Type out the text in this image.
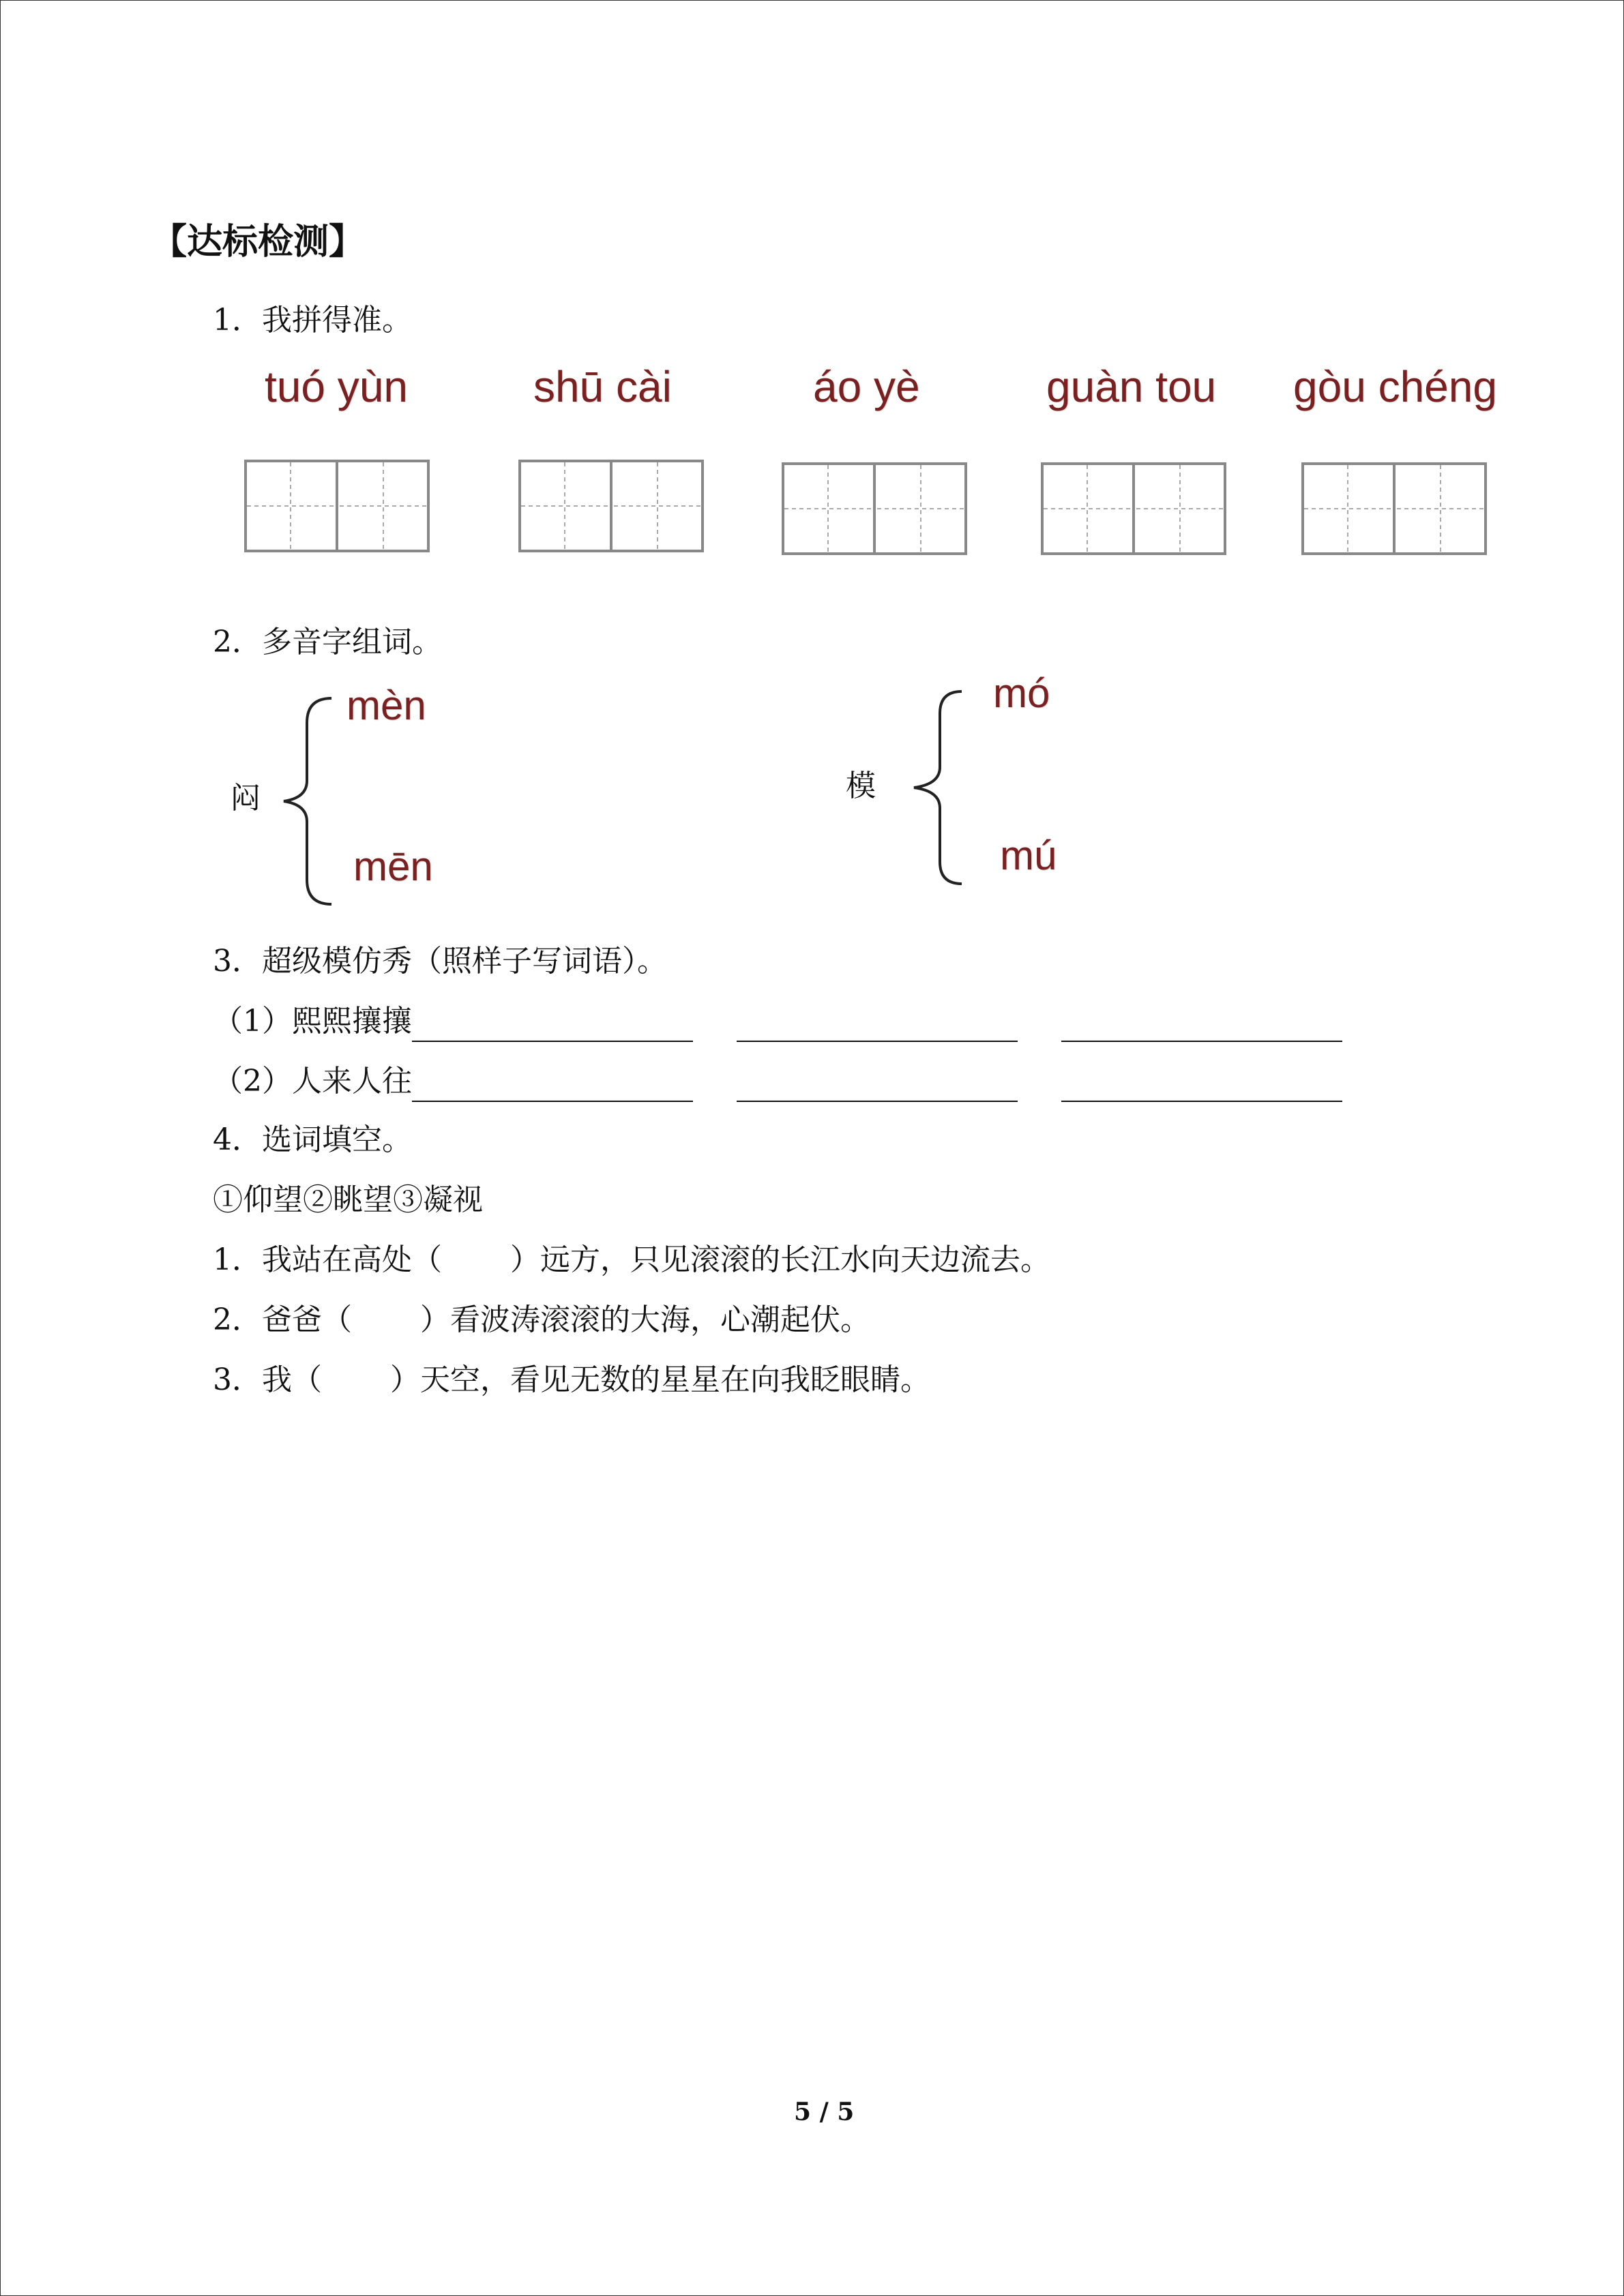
【达标检测】
1．我拼得准。
tuó yùn	shū cài	áo yè	guàn tou gòu chéng
2．多音字组词。
闷
mèn
mēn
模
mó
mú
3．超级模仿秀（照样子写词语）。
（1）熙熙攘攘
（2）人来人往
4．选词填空。
①仰望②眺望③凝视
1．我站在高处（ ）远方，只见滚滚的长江水向天边流去。
2．爸爸（ ）看波涛滚滚的大海，心潮起伏。
3．我（ ）天空，看见无数的星星在向我眨眼睛。
5 / 5
